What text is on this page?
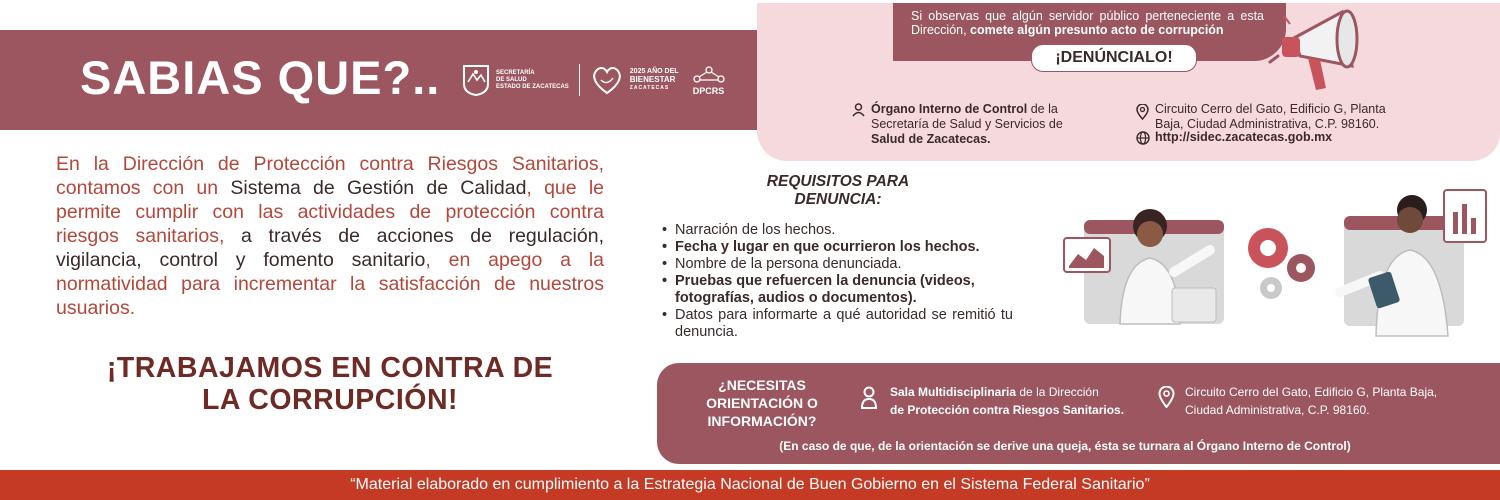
SABIAS QUE?..	SECRETARÍA
DE SALUD
ESTADO DE ZACATECAS
2025 AÑO DEL
BIENESTAR
ZACATECAS	DPCRS
En la Dirección de Protección contra Riesgos Sanitarios, contamos con un Sistema de Gestión de Calidad, que le permite cumplir con las actividades de protección contra riesgos sanitarios, a través de acciones de regulación, vigilancia, control y fomento sanitario, en apego a la normatividad para incrementar la satisfacción de nuestros usuarios.
¡TRABAJAMOS EN CONTRA DE
LA CORRUPCIÓN!
Si observas que algún servidor público perteneciente a esta Dirección, comete algún presunto acto de corrupción
¡DENÚNCIALO!
Órgano Interno de Control de la Secretaría de Salud y Servicios de Salud de Zacatecas.
Circuito Cerro del Gato, Edificio G, Planta Baja, Ciudad Administrativa, C.P. 98160.
http://sidec.zacatecas.gob.mx
REQUISITOS PARA
DENUNCIA:
• Narración de los hechos.
• Fecha y lugar en que ocurrieron los hechos.
• Nombre de la persona denunciada.
• Pruebas que refuercen la denuncia (videos, fotografías, audios o documentos).
• Datos para informarte a qué autoridad se remitió tu denuncia.
¿NECESITAS ORIENTACIÓN O INFORMACIÓN?
Sala Multidisciplinaria de la Dirección
de Protección contra Riesgos Sanitarios.
Circuito Cerro del Gato, Edificio G, Planta Baja, Ciudad Administrativa, C.P. 98160.
(En caso de que, de la orientación se derive una queja, ésta se turnara al Órgano Interno de Control)
“Material elaborado en cumplimiento a la Estrategia Nacional de Buen Gobierno en el Sistema Federal Sanitario”
